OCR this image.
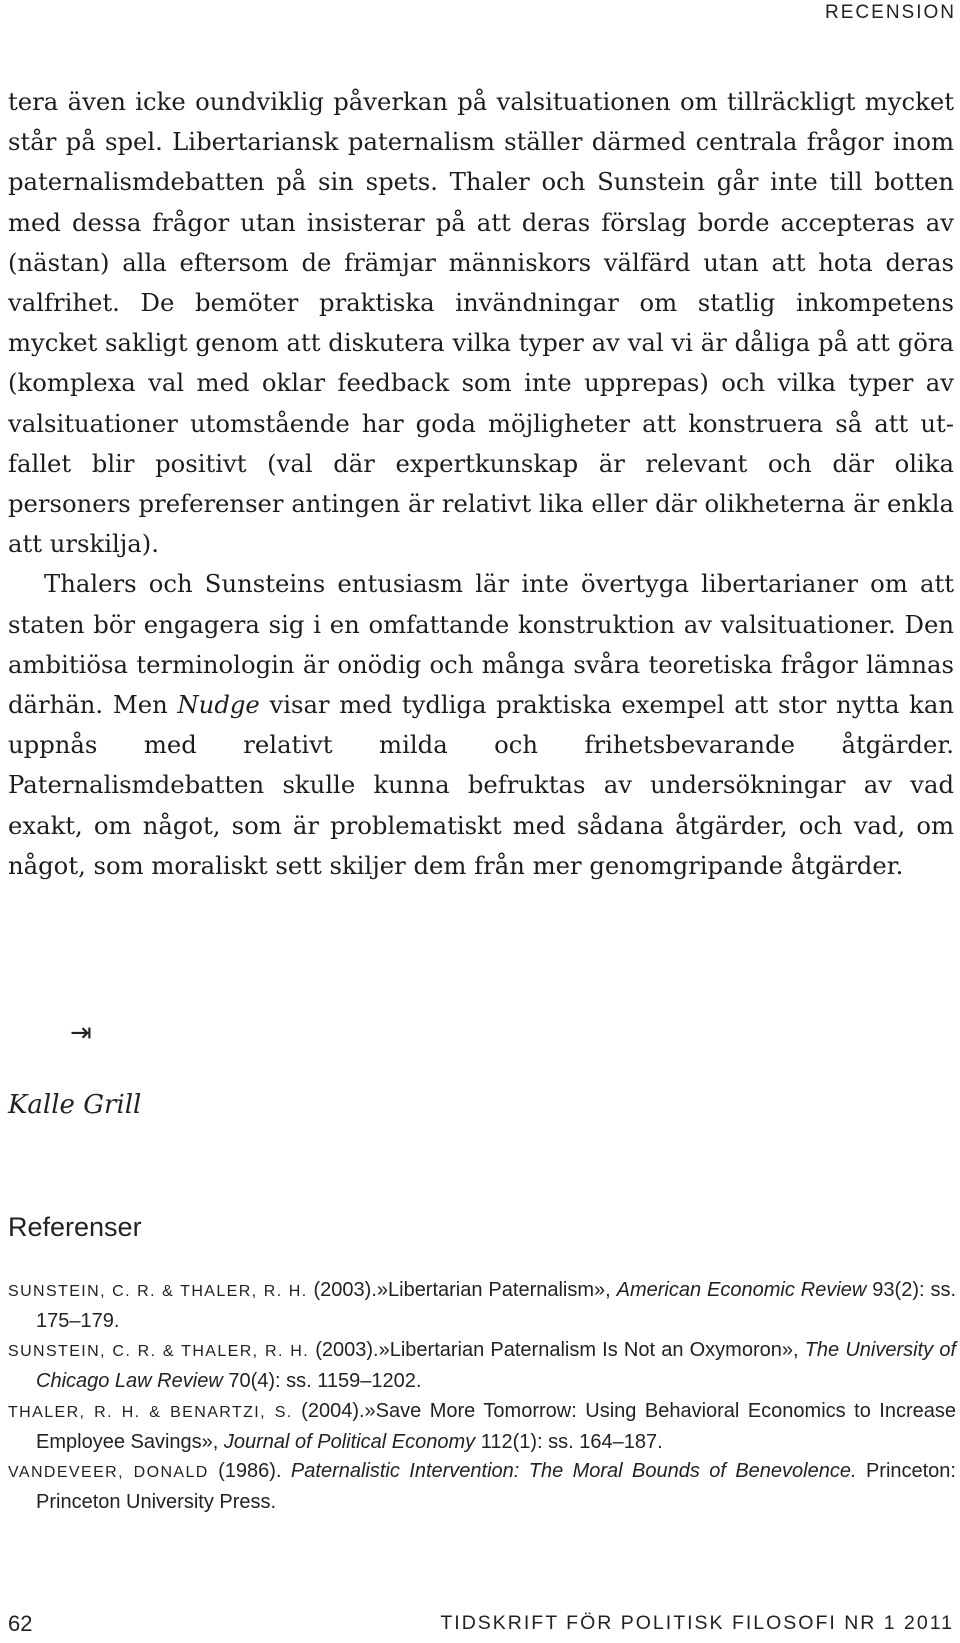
RECENSION

tera även icke oundviklig påverkan på valsituationen om tillräckligt mycket står på spel. Libertariansk paternalism ställer därmed centrala frågor inom paternalismdebatten på sin spets. Thaler och Sunstein går inte till botten med dessa frågor utan insisterar på att deras förslag borde accepteras av (nästan) alla eftersom de främjar människors välfärd utan att hota deras valfrihet. De bemöter praktiska invändningar om statlig inkompetens mycket sakligt genom att diskutera vilka typer av val vi är dåliga på att göra (komplexa val med oklar feedback som inte upprepas) och vilka typer av valsituationer utomstående har goda möjligheter att konstruera så att utfallet blir positivt (val där expertkunskap är relevant och där olika personers preferenser antingen är relativt lika eller där olikheterna är enkla att urskilja).

Thalers och Sunsteins entusiasm lär inte övertyga libertarianer om att staten bör engagera sig i en omfattande konstruktion av valsituationer. Den ambitiösa terminologin är onödig och många svåra teoretiska frågor lämnas därhän. Men Nudge visar med tydliga praktiska exempel att stor nytta kan uppnås med relativt milda och frihetsbevarande åtgärder. Paternalismdebatten skulle kunna befruktas av undersökningar av vad exakt, om något, som är problematiskt med sådana åtgärder, och vad, om något, som moraliskt sett skiljer dem från mer genomgripande åtgärder.

⇥
Kalle Grill
Referenser

SUNSTEIN, C. R. & THALER, R. H. (2003).»Libertarian Paternalism», American Economic Review 93(2): ss. 175–179.

SUNSTEIN, C. R. & THALER, R. H. (2003).»Libertarian Paternalism Is Not an Oxymoron», The University of Chicago Law Review 70(4): ss. 1159–1202.

THALER, R. H. & BENARTZI, S. (2004).»Save More Tomorrow: Using Behavioral Economics to Increase Employee Savings», Journal of Political Economy 112(1): ss. 164–187.

VANDEVEER, DONALD (1986). Paternalistic Intervention: The Moral Bounds of Benevolence. Princeton: Princeton University Press.

62	TIDSKRIFT FÖR POLITISK FILOSOFI NR 1 2011
